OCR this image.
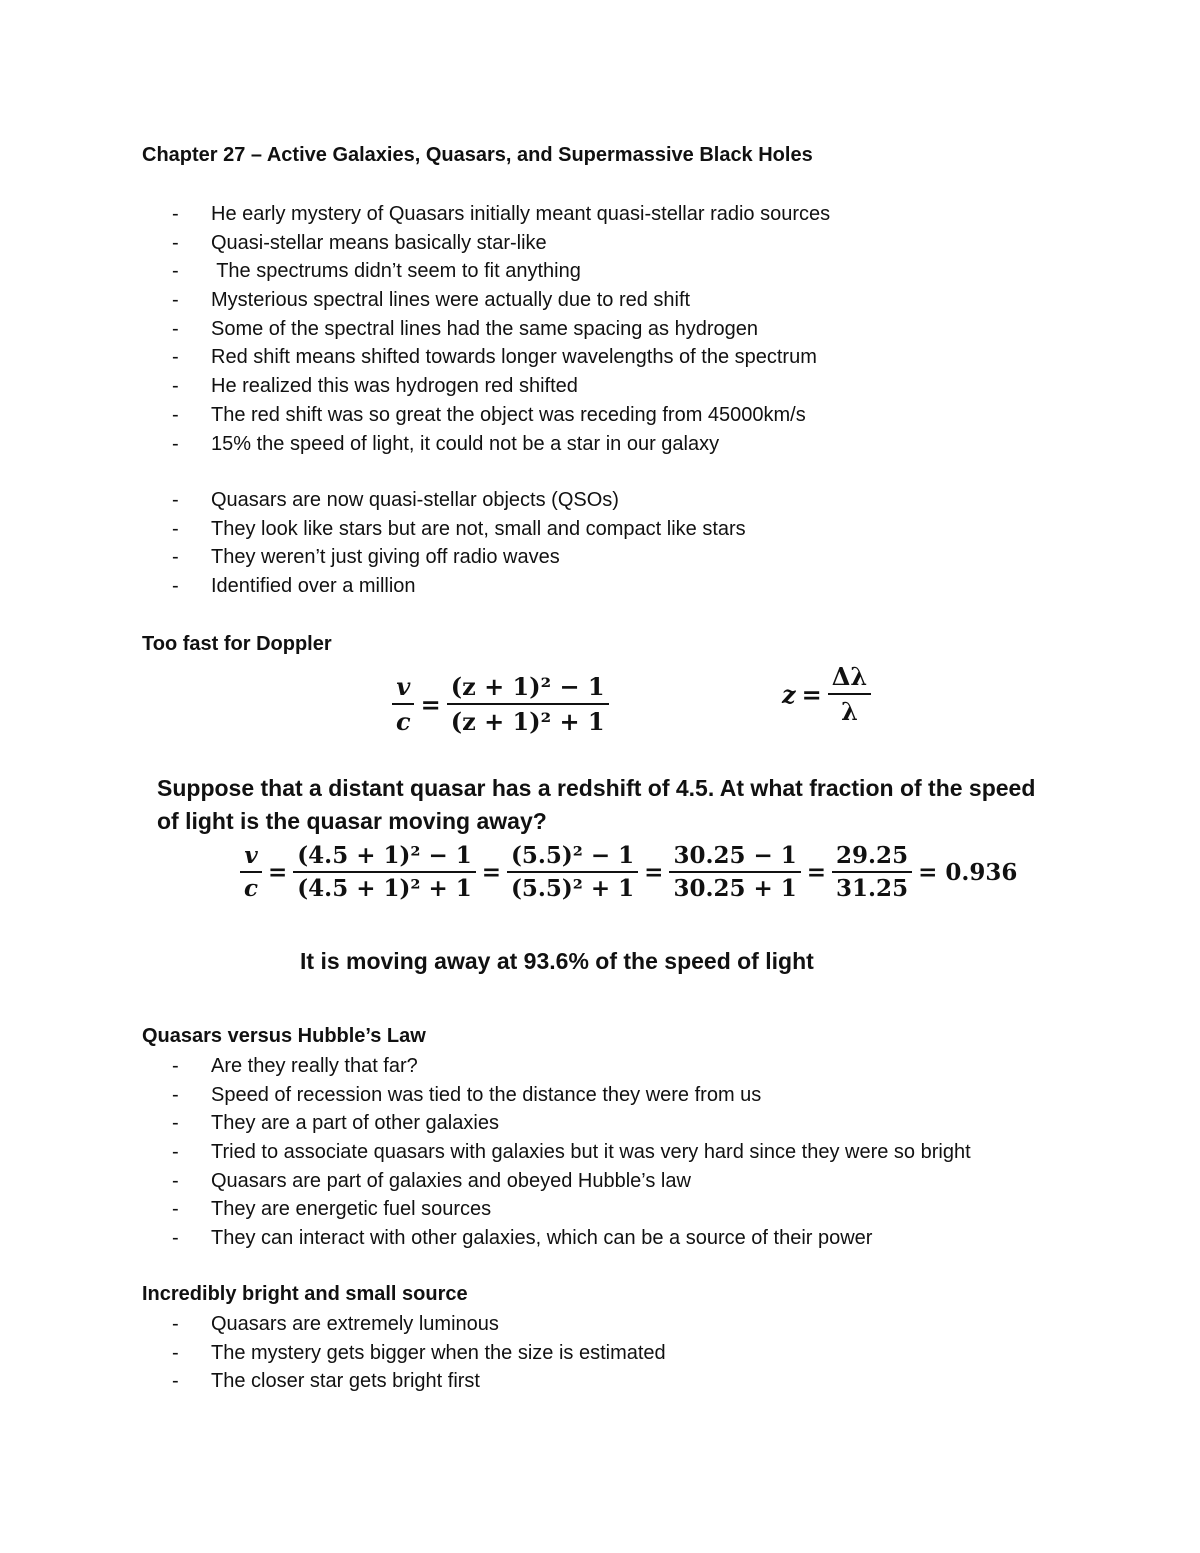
Chapter 27 – Active Galaxies, Quasars, and Supermassive Black Holes
- He early mystery of Quasars initially meant quasi-stellar radio sources
- Quasi-stellar means basically star-like
- The spectrums didn’t seem to fit anything
- Mysterious spectral lines were actually due to red shift
- Some of the spectral lines had the same spacing as hydrogen
- Red shift means shifted towards longer wavelengths of the spectrum
- He realized this was hydrogen red shifted
- The red shift was so great the object was receding from 45000km/s
- 15% the speed of light, it could not be a star in our galaxy
- Quasars are now quasi-stellar objects (QSOs)
- They look like stars but are not, small and compact like stars
- They weren’t just giving off radio waves
- Identified over a million
Too fast for Doppler
$\frac{v}{c} = \frac{\text{(z + 1)² − 1}}{\text{(z + 1)² + 1}}$	$z = \frac{\Delta\lambda}{\lambda}$
Suppose that a distant quasar has a redshift of 4.5. At what fraction of the speed
of light is the quasar moving away?
$\frac{v}{c} = \frac{\text{(4.5 + 1)² − 1}}{\text{(4.5 + 1)² + 1}} = \frac{\text{(5.5)² − 1}}{\text{(5.5)² + 1}} = \frac{30.25 - 1}{30.25 + 1} = \frac{29.25}{31.25} = 0.936$
It is moving away at 93.6% of the speed of light
Quasars versus Hubble’s Law
- Are they really that far?
- Speed of recession was tied to the distance they were from us
- They are a part of other galaxies
- Tried to associate quasars with galaxies but it was very hard since they were so bright
- Quasars are part of galaxies and obeyed Hubble’s law
- They are energetic fuel sources
- They can interact with other galaxies, which can be a source of their power
Incredibly bright and small source
- Quasars are extremely luminous
- The mystery gets bigger when the size is estimated
- The closer star gets bright first
